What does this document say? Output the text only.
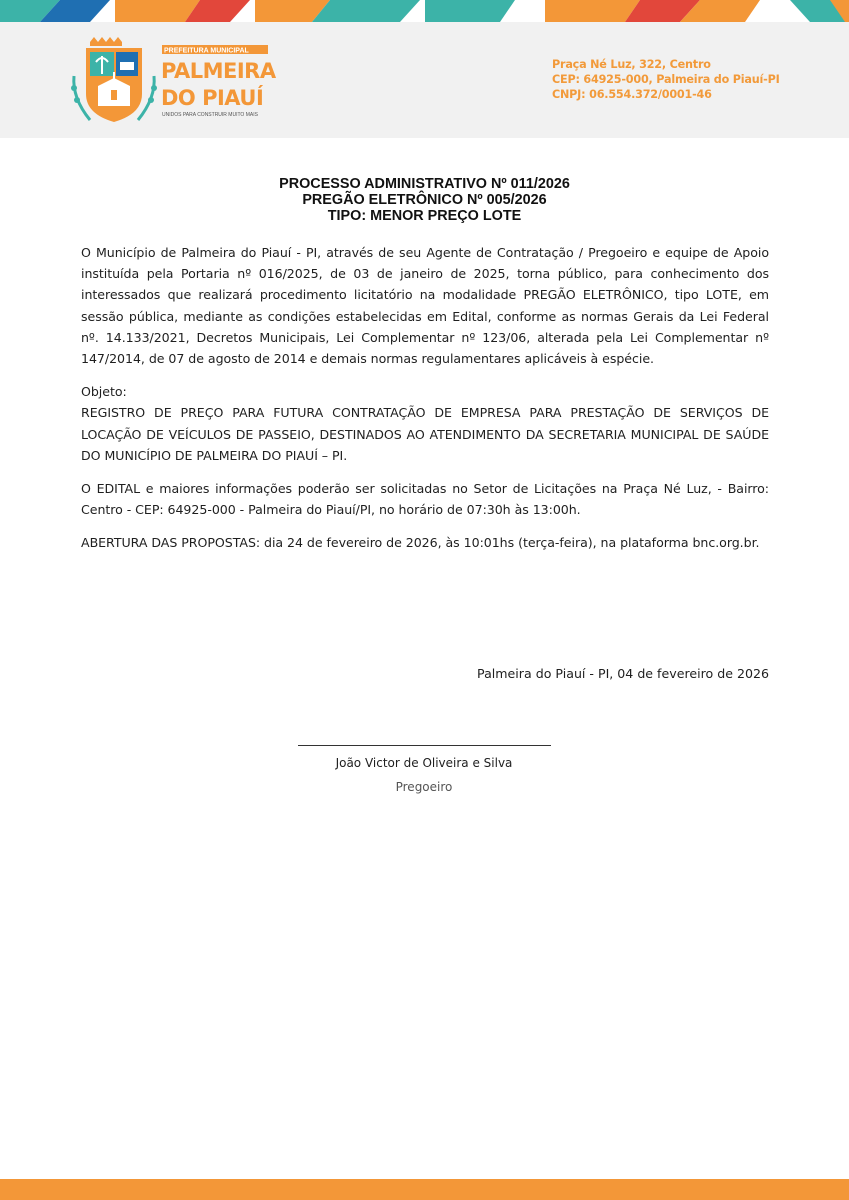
PREFEITURA MUNICIPAL
PALMEIRA
DO PIAUÍ
UNIDOS PARA CONSTRUIR MUITO MAIS
Praça Né Luz, 322, Centro
CEP: 64925-000, Palmeira do Piauí-PI
CNPJ: 06.554.372/0001-46
PROCESSO ADMINISTRATIVO Nº 011/2026
PREGÃO ELETRÔNICO Nº 005/2026
TIPO: MENOR PREÇO LOTE

O Município de Palmeira do Piauí - PI, através de seu Agente de Contratação / Pregoeiro e equipe de Apoio instituída pela Portaria nº 016/2025, de 03 de janeiro de 2025, torna público, para conhecimento dos interessados que realizará procedimento licitatório na modalidade PREGÃO ELETRÔNICO, tipo LOTE, em sessão pública, mediante as condições estabelecidas em Edital, conforme as normas Gerais da Lei Federal nº. 14.133/2021, Decretos Municipais, Lei Complementar nº 123/06, alterada pela Lei Complementar nº 147/2014, de 07 de agosto de 2014 e demais normas regulamentares aplicáveis à espécie.

Objeto:

REGISTRO DE PREÇO PARA FUTURA CONTRATAÇÃO DE EMPRESA PARA PRESTAÇÃO DE SERVIÇOS DE LOCAÇÃO DE VEÍCULOS DE PASSEIO, DESTINADOS AO ATENDIMENTO DA SECRETARIA MUNICIPAL DE SAÚDE DO MUNICÍPIO DE PALMEIRA DO PIAUÍ – PI.

O EDITAL e maiores informações poderão ser solicitadas no Setor de Licitações na Praça Né Luz, - Bairro: Centro - CEP: 64925-000 - Palmeira do Piauí/PI, no horário de 07:30h às 13:00h.

ABERTURA DAS PROPOSTAS: dia 24 de fevereiro de 2026, às 10:01hs (terça-feira), na plataforma bnc.org.br.

Palmeira do Piauí - PI, 04 de fevereiro de 2026
João Victor de Oliveira e Silva
Pregoeiro
